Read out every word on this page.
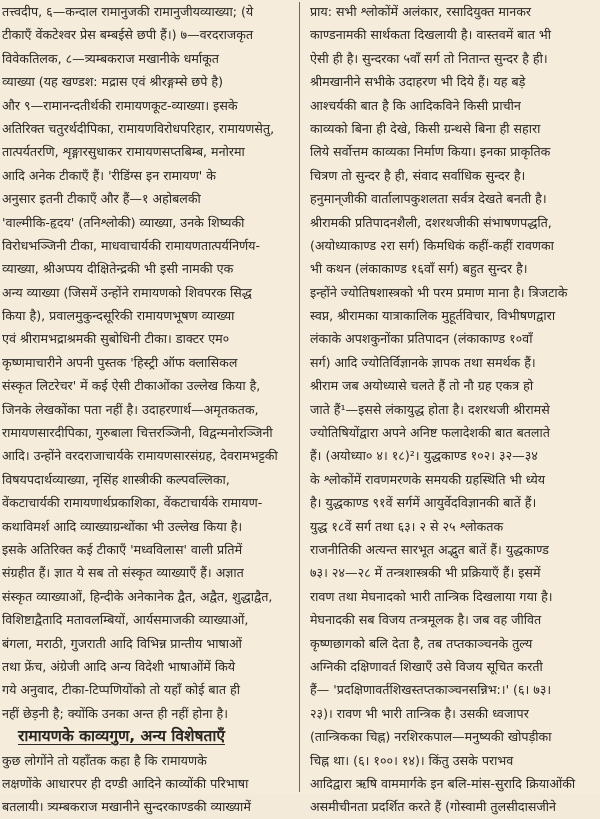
तत्त्वदीप, ६—कन्दाल रामानुजकी रामानुजीयव्याख्या; (ये
टीकाएँ वेंकटेश्वर प्रेस बम्बईसे छपी हैं।) ७—वरदराजकृत
विवेकतिलक, ८—त्र्यम्बकराज मखानीके धर्माकूत
व्याख्या (यह खण्डश: मद्रास एवं श्रीरङ्गम्से छपे है)
और ९—रामानन्दतीर्थकी रामायणकूट-व्याख्या। इसके
अतिरिक्त चतुरर्थदीपिका, रामायणविरोधपरिहार, रामायणसेतु,
तात्पर्यतरणि, शृङ्गारसुधाकर रामायणसप्तबिम्ब, मनोरमा
आदि अनेक टीकाएँ हैं। 'रीडिंग्स इन रामायण' के
अनुसार इतनी टीकाएँ और हैं—१ अहोबलकी
'वाल्मीकि-हृदय' (तनिश्लोकी) व्याख्या, उनके शिष्यकी
विरोधभञ्जिनी टीका, माधवाचार्यकी रामायणतात्पर्यनिर्णय-
व्याख्या, श्रीअप्पय दीक्षितेन्द्रकी भी इसी नामकी एक
अन्य व्याख्या (जिसमें उन्होंने रामायणको शिवपरक सिद्ध
किया है), प्रवालमुकुन्दसूरिकी रामायणभूषण व्याख्या
एवं श्रीरामभद्राश्रमकी सुबोधिनी टीका। डाक्टर एम०
कृष्णमाचारीने अपनी पुस्तक 'हिस्ट्री ऑफ क्लासिकल
संस्कृत लिटरेचर' में कई ऐसी टीकाओंका उल्लेख किया है,
जिनके लेखकोंका पता नहीं है। उदाहरणार्थ—अमृतकतक,
रामायणसारदीपिका, गुरुबाला चित्तरञ्जिनी, विद्वन्मनोरञ्जिनी
आदि। उन्होंने वरदराजाचार्यके रामायणसारसंग्रह, देवरामभट्टकी
विषयपदार्थव्याख्या, नृसिंह शास्त्रीकी कल्पवल्लिका,
वेंकटाचार्यकी रामायणार्थप्रकाशिका, वेंकटाचार्यके रामायण-
कथाविमर्श आदि व्याख्याग्रन्थोंका भी उल्लेख किया है।
इसके अतिरिक्त कई टीकाएँ 'मध्वविलास' वाली प्रतिमें
संग्रहीत हैं। ज्ञात ये सब तो संस्कृत व्याख्याएँ हैं। अज्ञात
संस्कृत व्याख्याओं, हिन्दीके अनेकानेक द्वैत, अद्वैत, शुद्धाद्वैत,
विशिष्टाद्वैतादि मतावलम्बियों, आर्यसमाजकी व्याख्याओं,
बंगला, मराठी, गुजराती आदि विभिन्न प्रान्तीय भाषाओं
तथा फ्रेंच, अंग्रेजी आदि अन्य विदेशी भाषाओंमें किये
गये अनुवाद, टीका-टिप्पणियोंको तो यहाँ कोई बात ही
नहीं छेड़नी है; क्योंकि उनका अन्त ही नहीं होना है।
रामायणके काव्यगुण, अन्य विशेषताएँ
कुछ लोगोंने तो यहाँतक कहा है कि रामायणके
लक्षणोंके आधारपर ही दण्डी आदिने काव्योंकी परिभाषा
बतलायी। त्र्यम्बकराज मखानीने सुन्दरकाण्डकी व्याख्यामें
प्राय: सभी श्लोकोंमें अलंकार, रसादियुक्त मानकर
काण्डनामकी सार्थकता दिखलायी है। वास्तवमें बात भी
ऐसी ही है। सुन्दरका ५वाँ सर्ग तो नितान्त सुन्दर है ही।
श्रीमखानीने सभीके उदाहरण भी दिये हैं। यह बड़े
आश्चर्यकी बात है कि आदिकविने किसी प्राचीन
काव्यको बिना ही देखे, किसी ग्रन्थसे बिना ही सहारा
लिये सर्वोत्तम काव्यका निर्माण किया। इनका प्राकृतिक
चित्रण तो सुन्दर है ही, संवाद सर्वाधिक सुन्दर है।
हनुमान्‌जीकी वार्तालापकुशलता सर्वत्र देखते बनती है।
श्रीरामकी प्रतिपादनशैली, दशरथजीकी संभाषणपद्धति,
(अयोध्याकाण्ड २रा सर्ग) किमधिकं कहीं-कहीं रावणका
भी कथन (लंकाकाण्ड १६वाँ सर्ग) बहुत सुन्दर है।
इन्होंने ज्योतिषशास्त्रको भी परम प्रमाण माना है। त्रिजटाके
स्वप्न, श्रीरामका यात्राकालिक मुहूर्तविचार, विभीषणद्वारा
लंकाके अपशकुनोंका प्रतिपादन (लंकाकाण्ड १०वाँ
सर्ग) आदि ज्योतिर्विज्ञानके ज्ञापक तथा समर्थक हैं।
श्रीराम जब अयोध्यासे चलते हैं तो नौ ग्रह एकत्र हो
जाते हैं¹—इससे लंकायुद्ध होता है। दशरथजी श्रीरामसे
ज्योतिषियोंद्वारा अपने अनिष्ट फलादेशकी बात बतलाते
हैं। (अयोध्या० ४। १८)²। युद्धकाण्ड १०२। ३२—३४
के श्लोकोंमें रावणमरणके समयकी ग्रहस्थिति भी ध्येय
है। युद्धकाण्ड ९१वें सर्गमें आयुर्वेदविज्ञानकी बातें हैं।
युद्ध १८वें सर्ग तथा ६३। २ से २५ श्लोकतक
राजनीतिकी अत्यन्त सारभूत अद्भुत बातें हैं। युद्धकाण्ड
७३। २४—२८ में तन्त्रशास्त्रकी भी प्रक्रियाएँ हैं। इसमें
रावण तथा मेघनादको भारी तान्त्रिक दिखलाया गया है।
मेघनादकी सब विजय तन्त्रमूलक है। जब वह जीवित
कृष्णछागको बलि देता है, तब तप्तकाञ्चनके तुल्य
अग्निकी दक्षिणावर्त शिखाएँ उसे विजय सूचित करती
हैं— 'प्रदक्षिणावर्तशिखस्तप्तकाञ्चनसन्निभ:।' (६। ७३।
२३)। रावण भी भारी तान्त्रिक है। उसकी ध्वजापर
(तान्त्रिकका चिह्न) नरशिरकपाल—मनुष्यकी खोपड़ीका
चिह्न था। (६। १००। १४)। किंतु उसके पराभव
आदिद्वारा ऋषि वाममार्गके इन बलि-मांस-सुरादि क्रियाओंकी
असमीचीनता प्रदर्शित करते हैं (गोस्वामी तुलसीदासजीने
